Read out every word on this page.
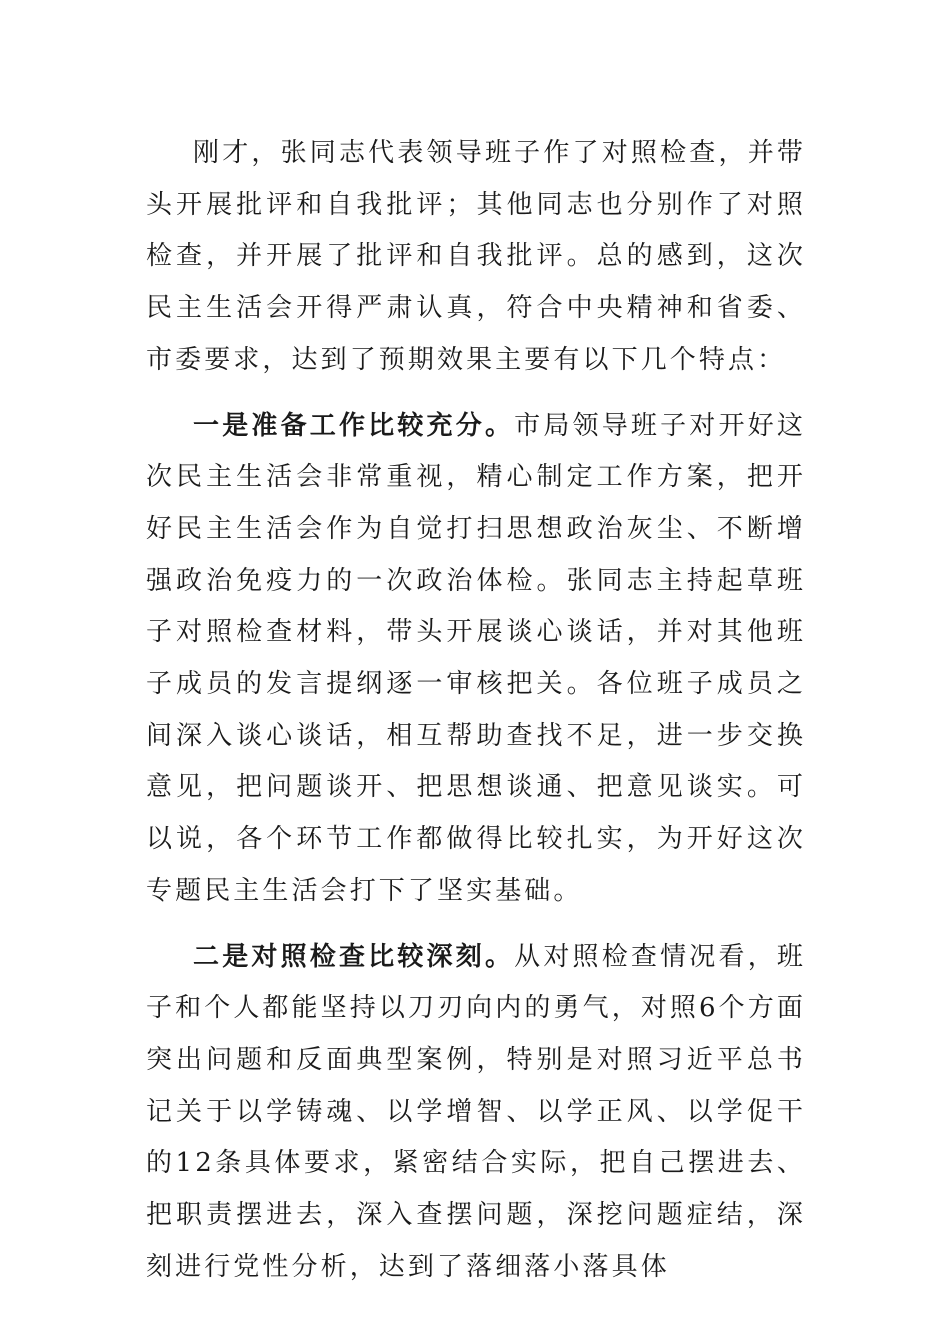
刚才，张同志代表领导班子作了对照检查，并带头开展批评和自我批评；其他同志也分别作了对照检查，并开展了批评和自我批评。总的感到，这次民主生活会开得严肃认真，符合中央精神和省委、市委要求，达到了预期效果主要有以下几个特点：

一是准备工作比较充分。市局领导班子对开好这次民主生活会非常重视，精心制定工作方案，把开好民主生活会作为自觉打扫思想政治灰尘、不断增强政治免疫力的一次政治体检。张同志主持起草班子对照检查材料，带头开展谈心谈话，并对其他班子成员的发言提纲逐一审核把关。各位班子成员之间深入谈心谈话，相互帮助查找不足，进一步交换意见，把问题谈开、把思想谈通、把意见谈实。可以说，各个环节工作都做得比较扎实，为开好这次专题民主生活会打下了坚实基础。

二是对照检查比较深刻。从对照检查情况看，班子和个人都能坚持以刀刃向内的勇气，对照6个方面突出问题和反面典型案例，特别是对照习近平总书记关于以学铸魂、以学增智、以学正风、以学促干的12条具体要求，紧密结合实际，把自己摆进去、把职责摆进去，深入查摆问题，深挖问题症结，深刻进行党性分析，达到了落细落小落具体
